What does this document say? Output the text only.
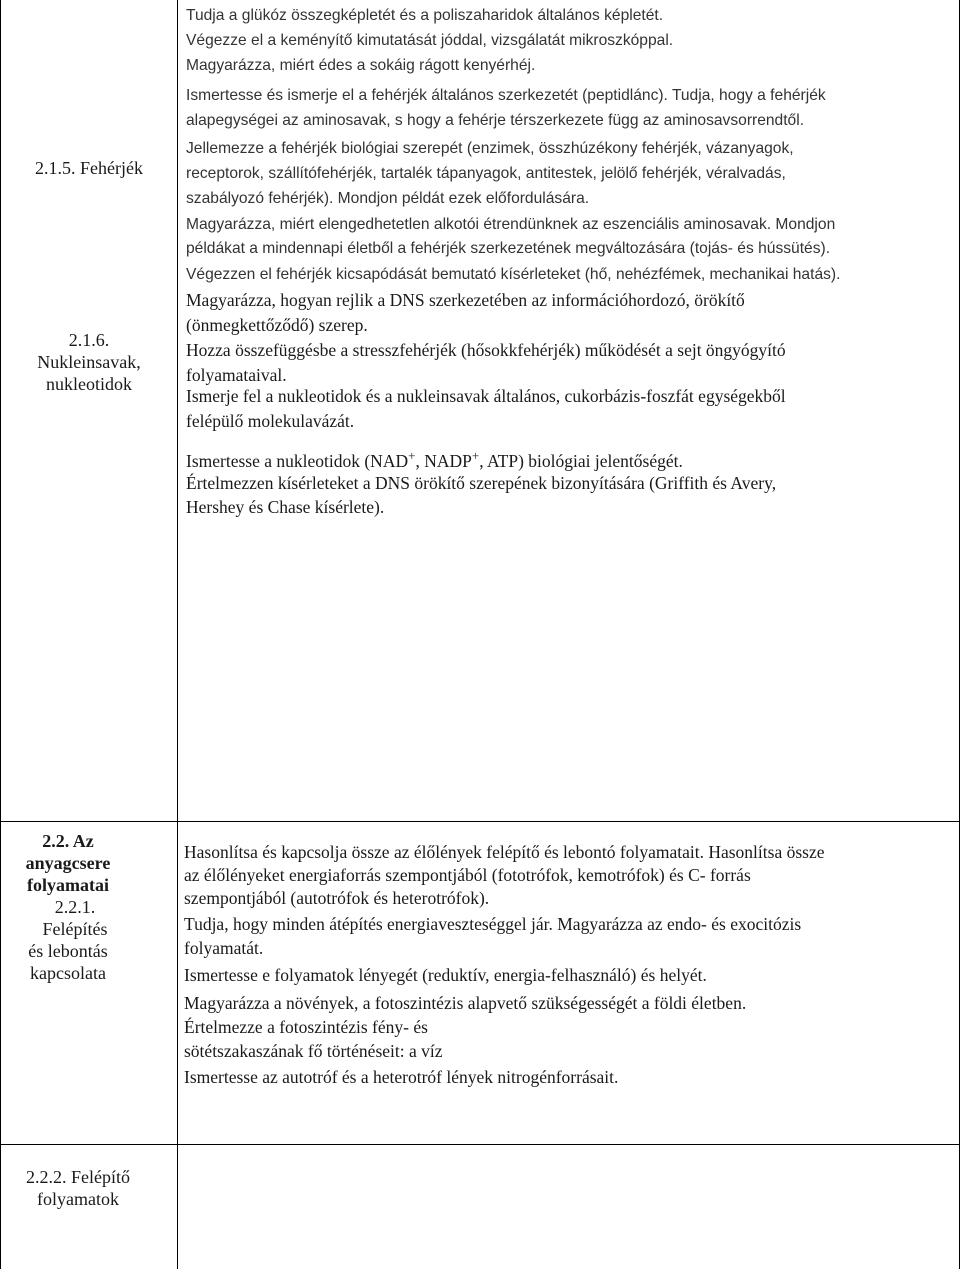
2.1.5. Fehérjék
2.1.6.
Nukleinsavak,
nukleotidok
Tudja a glükóz összegképletét és a poliszaharidok általános képletét.
Végezze el a keményítő kimutatását jóddal, vizsgálatát mikroszkóppal.
Magyarázza, miért édes a sokáig rágott kenyérhéj.
Ismertesse és ismerje el a fehérjék általános szerkezetét (peptidlánc). Tudja, hogy a fehérjék
alapegységei az aminosavak, s hogy a fehérje térszerkezete függ az aminosavsorrendtől.
Jellemezze a fehérjék biológiai szerepét (enzimek, összhúzékony fehérjék, vázanyagok,
receptorok, szállítófehérjék, tartalék tápanyagok, antitestek, jelölő fehérjék, véralvadás,
szabályozó fehérjék). Mondjon példát ezek előfordulására.
Magyarázza, miért elengedhetetlen alkotói étrendünknek az eszenciális aminosavak. Mondjon
példákat a mindennapi életből a fehérjék szerkezetének megváltozására (tojás- és hússütés).
Végezzen el fehérjék kicsapódását bemutató kísérleteket (hő, nehézfémek, mechanikai hatás).
Magyarázza, hogyan rejlik a DNS szerkezetében az információhordozó, örökítő
(önmegkettőződő) szerep.
Hozza összefüggésbe a stresszfehérjék (hősokkfehérjék) működését a sejt öngyógyító
folyamataival.
Ismerje fel a nukleotidok és a nukleinsavak általános, cukorbázis-foszfát egységekből
felépülő molekulavázát.
Ismertesse a nukleotidok (NAD+, NADP+, ATP) biológiai jelentőségét.
Értelmezzen kísérleteket a DNS örökítő szerepének bizonyítására (Griffith és Avery,
Hershey és Chase kísérlete).
2.2. Az
anyagcsere
folyamatai
2.2.1. Felépítés
és lebontás
kapcsolata
Hasonlítsa és kapcsolja össze az élőlények felépítő és lebontó folyamatait. Hasonlítsa össze
az élőlényeket energiaforrás szempontjából (fototrófok, kemotrófok) és C- forrás
szempontjából (autotrófok és heterotrófok).
Tudja, hogy minden átépítés energiaveszteséggel jár. Magyarázza az endo- és exocitózis
folyamatát.
Ismertesse e folyamatok lényegét (reduktív, energia-felhasználó) és helyét.
Magyarázza a növények, a fotoszintézis alapvető szükségességét a földi életben.
Értelmezze a fotoszintézis fény- és
sötétszakaszának fő történéseit: a víz
Ismertesse az autotróf és a heterotróf lények nitrogénforrásait.
2.2.2. Felépítő
folyamatok
